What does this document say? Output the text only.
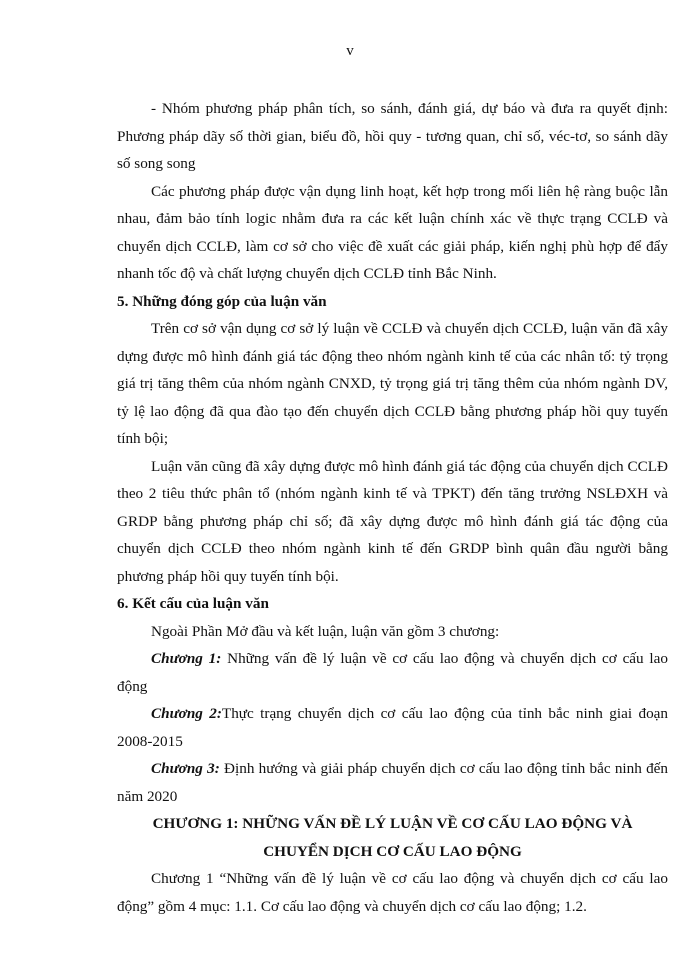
v

- Nhóm phương pháp phân tích, so sánh, đánh giá, dự báo và đưa ra quyết định: Phương pháp dãy số thời gian, biểu đồ, hồi quy - tương quan, chỉ số, véc-tơ, so sánh dãy số song song

Các phương pháp được vận dụng linh hoạt, kết hợp trong mối liên hệ ràng buộc lẫn nhau, đảm bảo tính logic nhằm đưa ra các kết luận chính xác về thực trạng CCLĐ và chuyển dịch CCLĐ, làm cơ sở cho việc đề xuất các giải pháp, kiến nghị phù hợp để đẩy nhanh tốc độ và chất lượng chuyển dịch CCLĐ tỉnh Bắc Ninh.

5. Những đóng góp của luận văn

Trên cơ sở vận dụng cơ sở lý luận về CCLĐ và chuyển dịch CCLĐ, luận văn đã xây dựng được mô hình đánh giá tác động theo nhóm ngành kinh tế của các nhân tố: tỷ trọng giá trị tăng thêm của nhóm ngành CNXD, tỷ trọng giá trị tăng thêm của nhóm ngành DV, tỷ lệ lao động đã qua đào tạo đến chuyển dịch CCLĐ bằng phương pháp hồi quy tuyến tính bội;

Luận văn cũng đã xây dựng được mô hình đánh giá tác động của chuyển dịch CCLĐ theo 2 tiêu thức phân tổ (nhóm ngành kinh tế và TPKT) đến tăng trưởng NSLĐXH và GRDP bằng phương pháp chỉ số; đã xây dựng được mô hình đánh giá tác động của chuyển dịch CCLĐ theo nhóm ngành kinh tế đến GRDP bình quân đầu người bằng phương pháp hồi quy tuyến tính bội.

6. Kết cấu của luận văn

Ngoài Phần Mở đầu và kết luận, luận văn gồm 3 chương:

Chương 1: Những vấn đề lý luận về cơ cấu lao động và chuyển dịch cơ cấu lao động

Chương 2:Thực trạng chuyển dịch cơ cấu lao động của tỉnh bắc ninh giai đoạn 2008-2015

Chương 3: Định hướng và giải pháp chuyển dịch cơ cấu lao động tỉnh bắc ninh đến năm 2020

CHƯƠNG 1: NHỮNG VẤN ĐỀ LÝ LUẬN VỀ CƠ CẤU LAO ĐỘNG VÀ

CHUYỂN DỊCH CƠ CẤU LAO ĐỘNG

Chương 1 “Những vấn đề lý luận về cơ cấu lao động và chuyển dịch cơ cấu lao động” gồm 4 mục: 1.1. Cơ cấu lao động và chuyển dịch cơ cấu lao động; 1.2.
